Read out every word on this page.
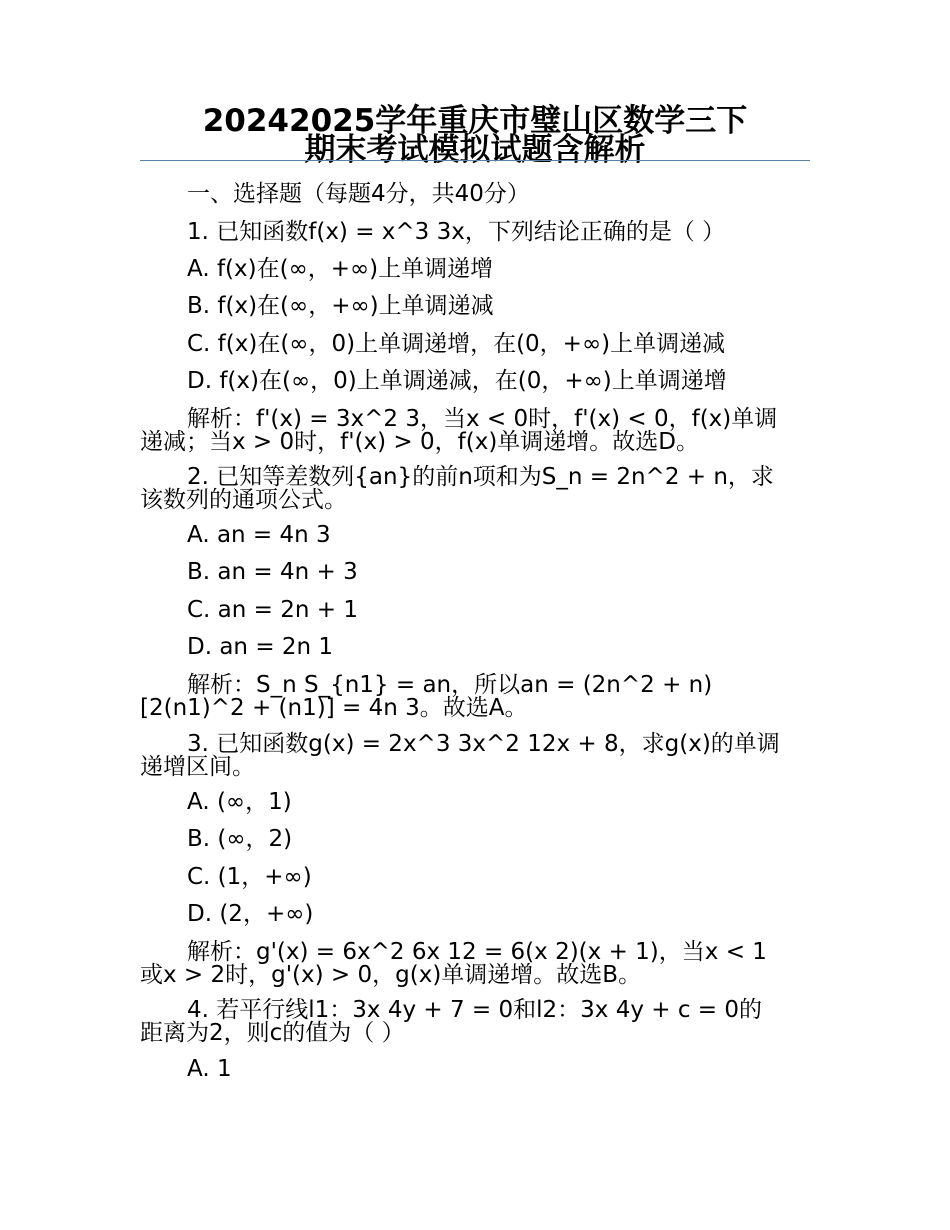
20242025学年重庆市璧山区数学三下
期末考试模拟试题含解析

一、选择题（每题4分，共40分）

1. 已知函数f(x) = x^3 3x，下列结论正确的是（ ）

A. f(x)在(∞，+∞)上单调递增

B. f(x)在(∞，+∞)上单调递减

C. f(x)在(∞，0)上单调递增，在(0，+∞)上单调递减

D. f(x)在(∞，0)上单调递减，在(0，+∞)上单调递增

解析：f'(x) = 3x^2 3，当x < 0时，f'(x) < 0，f(x)单调

递减；当x > 0时，f'(x) > 0，f(x)单调递增。故选D。

2. 已知等差数列{an}的前n项和为S_n = 2n^2 + n，求

该数列的通项公式。

A. an = 4n 3

B. an = 4n + 3

C. an = 2n + 1

D. an = 2n 1

解析：S_n S_{n1} = an，所以an = (2n^2 + n)

[2(n1)^2 + (n1)] = 4n 3。故选A。

3. 已知函数g(x) = 2x^3 3x^2 12x + 8，求g(x)的单调

递增区间。

A. (∞，1)

B. (∞，2)

C. (1，+∞)

D. (2，+∞)

解析：g'(x) = 6x^2 6x 12 = 6(x 2)(x + 1)，当x < 1

或x > 2时，g'(x) > 0，g(x)单调递增。故选B。

4. 若平行线l1：3x 4y + 7 = 0和l2：3x 4y + c = 0的

距离为2，则c的值为（ ）

A. 1
